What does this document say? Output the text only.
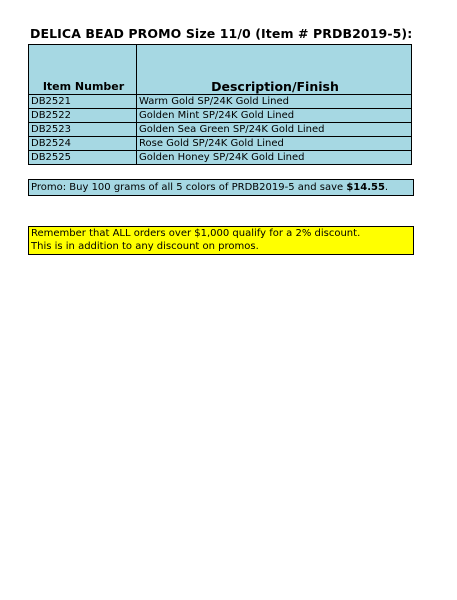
DELICA BEAD PROMO Size 11/0 (Item # PRDB2019-5):
Item Number	Description/Finish
DB2521	Warm Gold SP/24K Gold Lined
DB2522	Golden Mint SP/24K Gold Lined
DB2523	Golden Sea Green SP/24K Gold Lined
DB2524	Rose Gold SP/24K Gold Lined
DB2525	Golden Honey SP/24K Gold Lined
Promo: Buy 100 grams of all 5 colors of PRDB2019-5 and save $14.55.
Remember that ALL orders over $1,000 qualify for a 2% discount.
This is in addition to any discount on promos.
